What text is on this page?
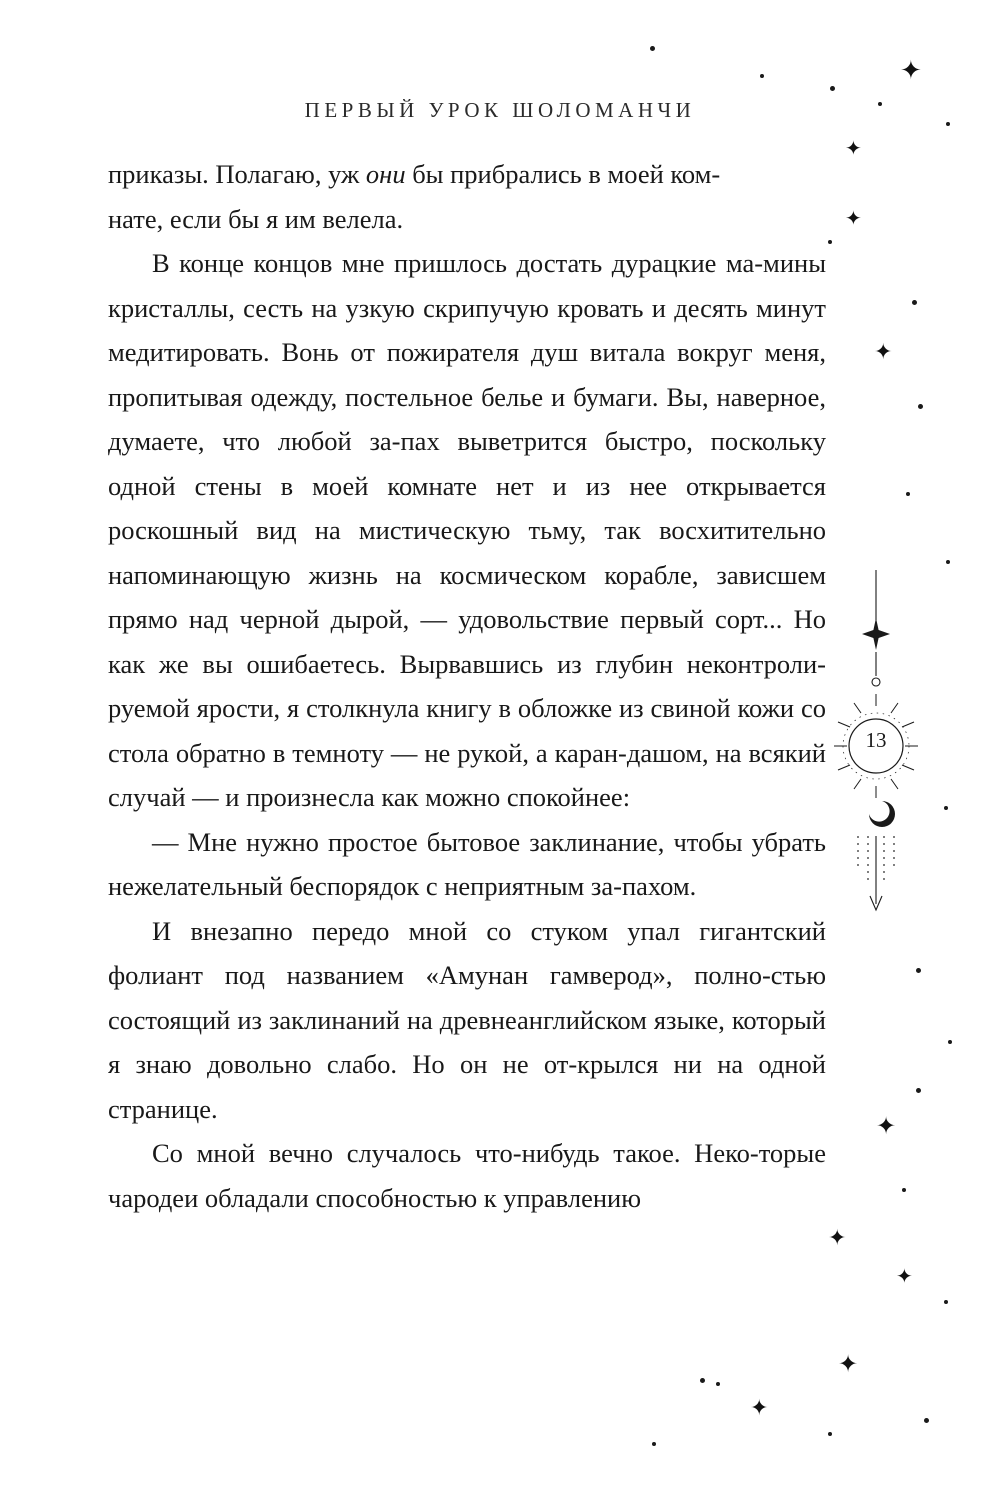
ПЕРВЫЙ УРОК ШОЛОМАНЧИ

приказы. Полагаю, уж они бы прибрались в моей ком-
нате, если бы я им велела.

В конце концов мне пришлось достать дурацкие ма-мины кристаллы, сесть на узкую скрипучую кровать и десять минут медитировать. Вонь от пожирателя душ витала вокруг меня, пропитывая одежду, постельное белье и бумаги. Вы, наверное, думаете, что любой за-пах выветрится быстро, поскольку одной стены в моей комнате нет и из нее открывается роскошный вид на мистическую тьму, так восхитительно напоминающую жизнь на космическом корабле, зависшем прямо над черной дырой, — удовольствие первый сорт... Но как же вы ошибаетесь. Вырвавшись из глубин неконтроли-руемой ярости, я столкнула книгу в обложке из свиной кожи со стола обратно в темноту — не рукой, а каран-дашом, на всякий случай — и произнесла как можно спокойнее:

— Мне нужно простое бытовое заклинание, чтобы убрать нежелательный беспорядок с неприятным за-пахом.

И внезапно передо мной со стуком упал гигантский фолиант под названием «Амунан гамверод», полно-стью состоящий из заклинаний на древнеанглийском языке, который я знаю довольно слабо. Но он не от-крылся ни на одной странице.

Со мной вечно случалось что-нибудь такое. Неко-торые чародеи обладали способностью к управлению

13
✦
✦
✦
✦
✦
✦
✦
✦
✦
